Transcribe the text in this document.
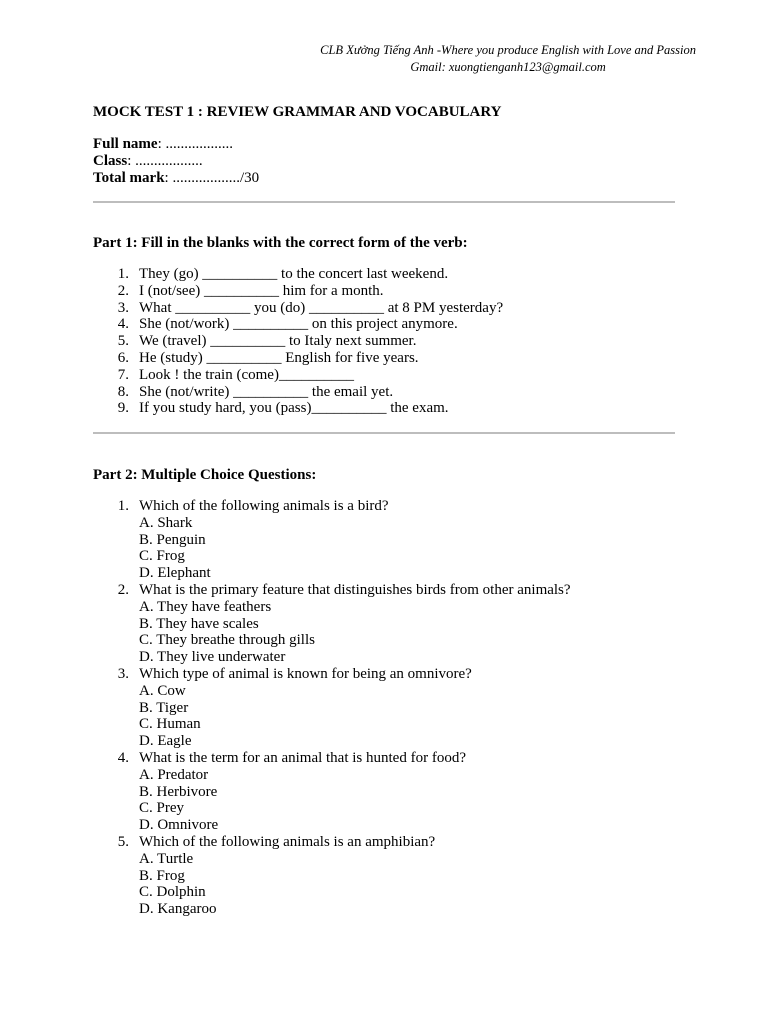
CLB Xưởng Tiếng Anh -Where you produce English with Love and Passion
Gmail: xuongtienganh123@gmail.com
MOCK TEST 1 : REVIEW GRAMMAR AND VOCABULARY
Full name: ..................
Class: ..................
Total mark: ................../30
Part 1: Fill in the blanks with the correct form of the verb:
1. They (go) __________ to the concert last weekend.
2. I (not/see) __________ him for a month.
3. What __________ you (do) __________ at 8 PM yesterday?
4. She (not/work) __________ on this project anymore.
5. We (travel) __________ to Italy next summer.
6. He (study) __________ English for five years.
7. Look ! the train (come)__________
8. She (not/write) __________ the email yet.
9. If you study hard, you (pass)__________ the exam.
Part 2: Multiple Choice Questions:
1. Which of the following animals is a bird?
A. Shark
B. Penguin
C. Frog
D. Elephant
2. What is the primary feature that distinguishes birds from other animals?
A. They have feathers
B. They have scales
C. They breathe through gills
D. They live underwater
3. Which type of animal is known for being an omnivore?
A. Cow
B. Tiger
C. Human
D. Eagle
4. What is the term for an animal that is hunted for food?
A. Predator
B. Herbivore
C. Prey
D. Omnivore
5. Which of the following animals is an amphibian?
A. Turtle
B. Frog
C. Dolphin
D. Kangaroo
